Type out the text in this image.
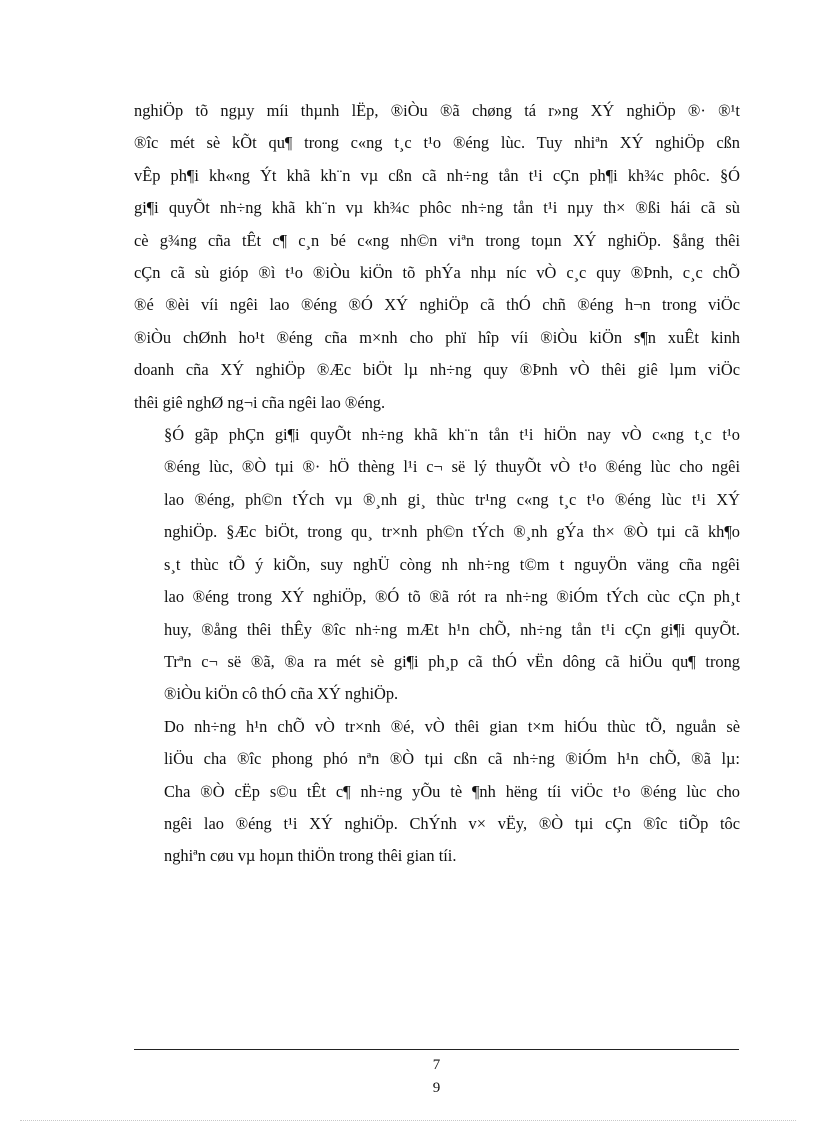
nghiÖp tõ ngµy míi thµnh lËp, ®iÒu ®ã chøng tá r»ng XÝ nghiÖp ®· ®¹t
®îc mét sè kÕt qu¶ trong c«ng t¸c t¹o ®éng lùc. Tuy nhiªn XÝ nghiÖp cßn
vÊp ph¶i kh«ng Ýt khã kh¨n vµ cßn cã nh÷ng tån t¹i cÇn ph¶i kh¾c phôc. §Ó
gi¶i quyÕt nh÷ng khã kh¨n vµ kh¾c phôc nh÷ng tån t¹i nµy th× ®ßi hái cã sù
cè g¾ng cña tÊt c¶ c¸n bé c«ng nh©n viªn trong toµn XÝ nghiÖp. §ång thêi
cÇn cã sù gióp ®ì t¹o ®iÒu kiÖn tõ phÝa nhµ níc vÒ c¸c quy ®Þnh, c¸c chÕ
®é ®èi víi ngêi lao ®éng ®Ó XÝ nghiÖp cã thÓ chñ ®éng h¬n trong viÖc
®iÒu chØnh ho¹t ®éng cña m×nh cho phï hîp víi ®iÒu kiÖn s¶n xuÊt kinh
doanh cña XÝ nghiÖp ®Æc biÖt lµ nh÷ng quy ®Þnh vÒ thêi giê lµm viÖc
thêi giê nghØ ng¬i cña ngêi lao ®éng.

§Ó gãp phÇn gi¶i quyÕt nh÷ng khã kh¨n tån t¹i hiÖn nay vÒ c«ng t¸c t¹o
®éng lùc, ®Ò tµi ®· hÖ thèng l¹i c¬ së lý thuyÕt vÒ t¹o ®éng lùc cho ngêi
lao ®éng, ph©n tÝch vµ ®¸nh gi¸ thùc tr¹ng c«ng t¸c t¹o ®éng lùc t¹i XÝ
nghiÖp. §Æc biÖt, trong qu¸ tr×nh ph©n tÝch ®¸nh gÝa th× ®Ò tµi cã kh¶o
s¸t thùc tÕ ý kiÕn, suy nghÜ còng nh nh÷ng t©m t nguyÖn väng cña ngêi
lao ®éng trong XÝ nghiÖp, ®Ó tõ ®ã rót ra nh÷ng ®iÓm tÝch cùc cÇn ph¸t
huy, ®ång thêi thÊy ®îc nh÷ng mÆt h¹n chÕ, nh÷ng tån t¹i cÇn gi¶i quyÕt.
Trªn c¬ së ®ã, ®a ra mét sè gi¶i ph¸p cã thÓ vËn dông cã hiÖu qu¶ trong
®iÒu kiÖn cô thÓ cña XÝ nghiÖp.

Do nh÷ng h¹n chÕ vÒ tr×nh ®é, vÒ thêi gian t×m hiÓu thùc tÕ, nguån sè
liÖu cha ®îc phong phó nªn ®Ò tµi cßn cã nh÷ng ®iÓm h¹n chÕ, ®ã lµ:
Cha ®Ò cËp s©u tÊt c¶ nh÷ng yÕu tè ¶nh hëng tíi viÖc t¹o ®éng lùc cho
ngêi lao ®éng t¹i XÝ nghiÖp. ChÝnh v× vËy, ®Ò tµi cÇn ®îc tiÕp tôc
nghiªn cøu vµ hoµn thiÖn trong thêi gian tíi.

7
9
